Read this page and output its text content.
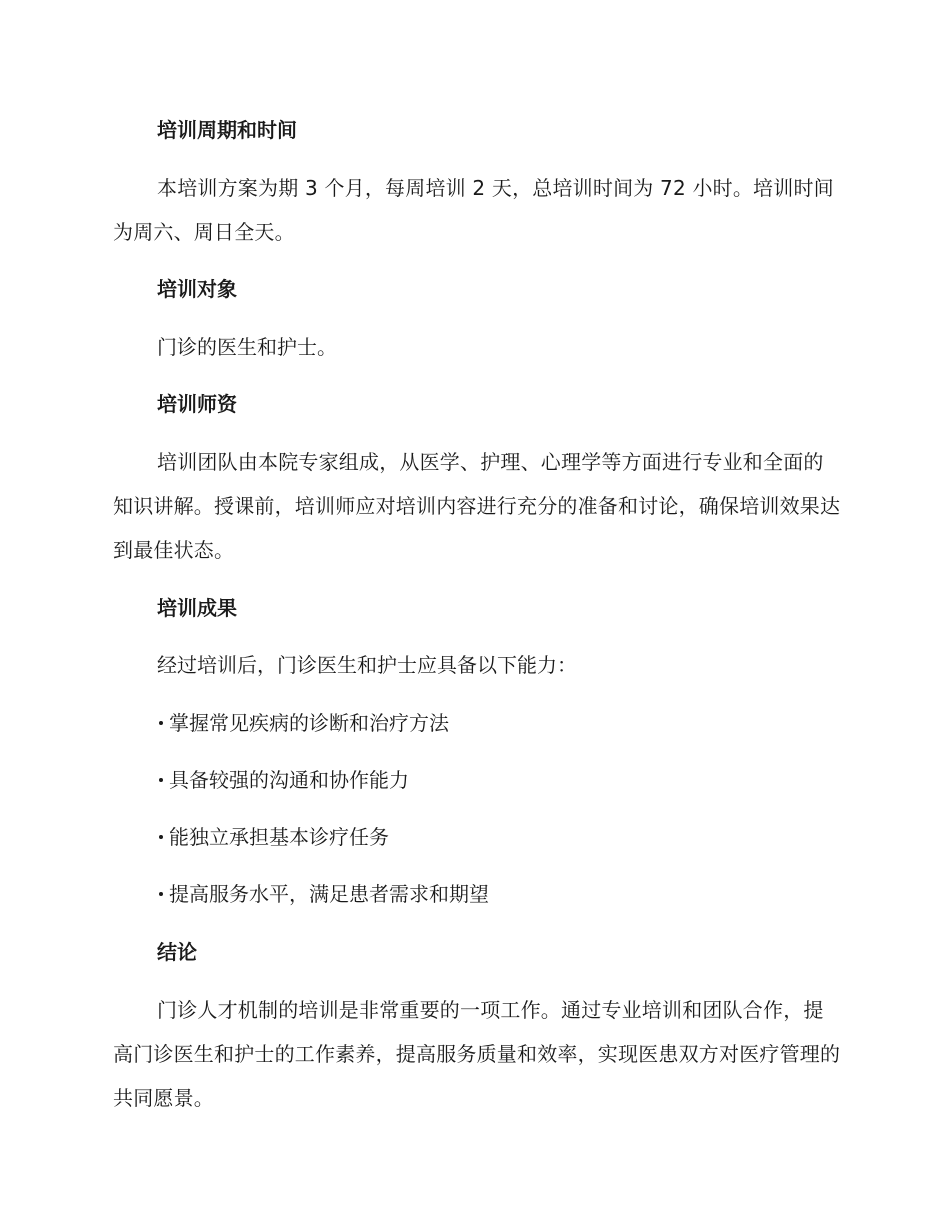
培训周期和时间

本培训方案为期 3 个月，每周培训 2 天，总培训时间为 72 小时。培训时间为周六、周日全天。

培训对象

门诊的医生和护士。

培训师资

培训团队由本院专家组成，从医学、护理、心理学等方面进行专业和全面的知识讲解。授课前，培训师应对培训内容进行充分的准备和讨论，确保培训效果达到最佳状态。

培训成果

经过培训后，门诊医生和护士应具备以下能力：

掌握常见疾病的诊断和治疗方法
具备较强的沟通和协作能力
能独立承担基本诊疗任务
提高服务水平，满足患者需求和期望
结论

门诊人才机制的培训是非常重要的一项工作。通过专业培训和团队合作，提高门诊医生和护士的工作素养，提高服务质量和效率，实现医患双方对医疗管理的共同愿景。
